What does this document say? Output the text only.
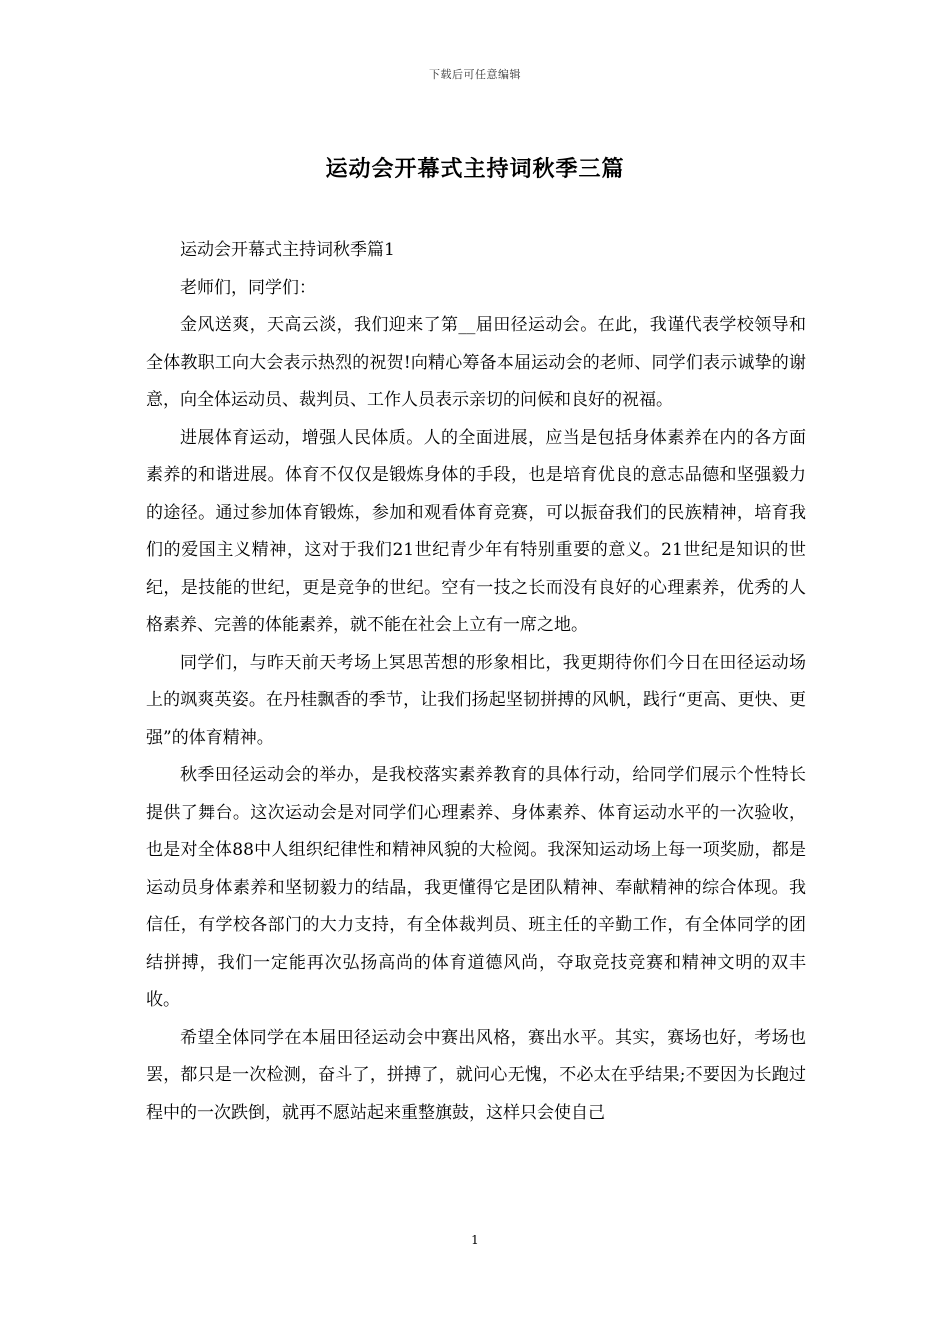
下载后可任意编辑
运动会开幕式主持词秋季三篇

运动会开幕式主持词秋季篇1

老师们，同学们：

金风送爽，天高云淡，我们迎来了第__届田径运动会。在此，我谨代表学校领导和全体教职工向大会表示热烈的祝贺!向精心筹备本届运动会的老师、同学们表示诚挚的谢意，向全体运动员、裁判员、工作人员表示亲切的问候和良好的祝福。

进展体育运动，增强人民体质。人的全面进展，应当是包括身体素养在内的各方面素养的和谐进展。体育不仅仅是锻炼身体的手段，也是培育优良的意志品德和坚强毅力的途径。通过参加体育锻炼，参加和观看体育竞赛，可以振奋我们的民族精神，培育我们的爱国主义精神，这对于我们21世纪青少年有特别重要的意义。21世纪是知识的世纪，是技能的世纪，更是竞争的世纪。空有一技之长而没有良好的心理素养，优秀的人格素养、完善的体能素养，就不能在社会上立有一席之地。

同学们，与昨天前天考场上冥思苦想的形象相比，我更期待你们今日在田径运动场上的飒爽英姿。在丹桂飘香的季节，让我们扬起坚韧拼搏的风帆，践行“更高、更快、更强”的体育精神。

秋季田径运动会的举办，是我校落实素养教育的具体行动，给同学们展示个性特长提供了舞台。这次运动会是对同学们心理素养、身体素养、体育运动水平的一次验收，也是对全体88中人组织纪律性和精神风貌的大检阅。我深知运动场上每一项奖励，都是运动员身体素养和坚韧毅力的结晶，我更懂得它是团队精神、奉献精神的综合体现。我信任，有学校各部门的大力支持，有全体裁判员、班主任的辛勤工作，有全体同学的团结拼搏，我们一定能再次弘扬高尚的体育道德风尚，夺取竞技竞赛和精神文明的双丰收。

希望全体同学在本届田径运动会中赛出风格，赛出水平。其实，赛场也好，考场也罢，都只是一次检测，奋斗了，拼搏了，就问心无愧，不必太在乎结果;不要因为长跑过程中的一次跌倒，就再不愿站起来重整旗鼓，这样只会使自己

1
